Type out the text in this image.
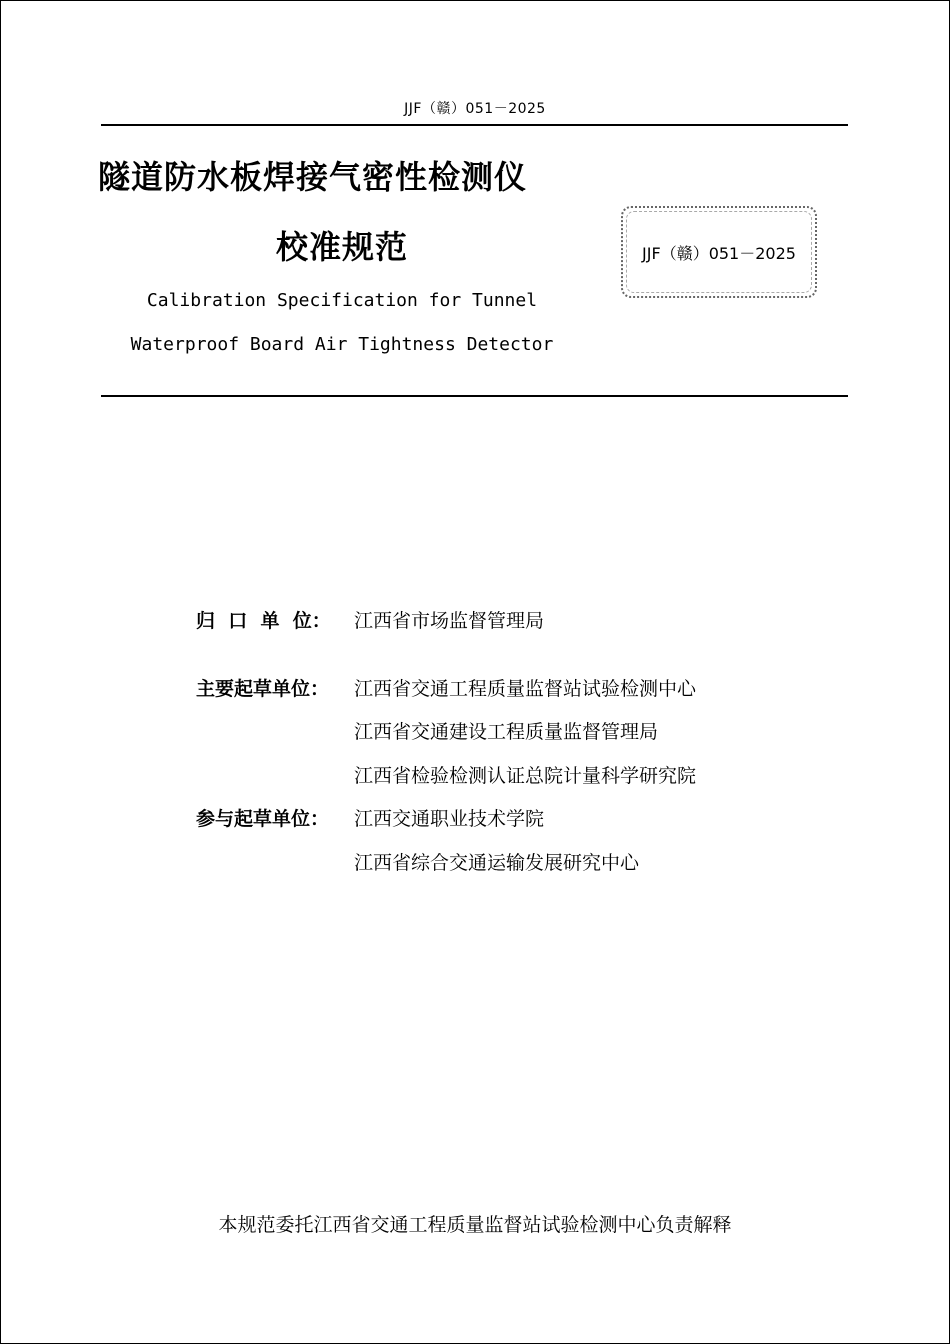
JJF（赣）051－2025
隧道防水板焊接气密性检测仪
校准规范
Calibration Specification for Tunnel
Waterproof Board Air Tightness Detector
JJF（赣）051－2025
归  口  单  位：	江西省市场监督管理局
主要起草单位：	江西省交通工程质量监督站试验检测中心
江西省交通建设工程质量监督管理局
江西省检验检测认证总院计量科学研究院
参与起草单位：	江西交通职业技术学院
江西省综合交通运输发展研究中心
本规范委托江西省交通工程质量监督站试验检测中心负责解释
